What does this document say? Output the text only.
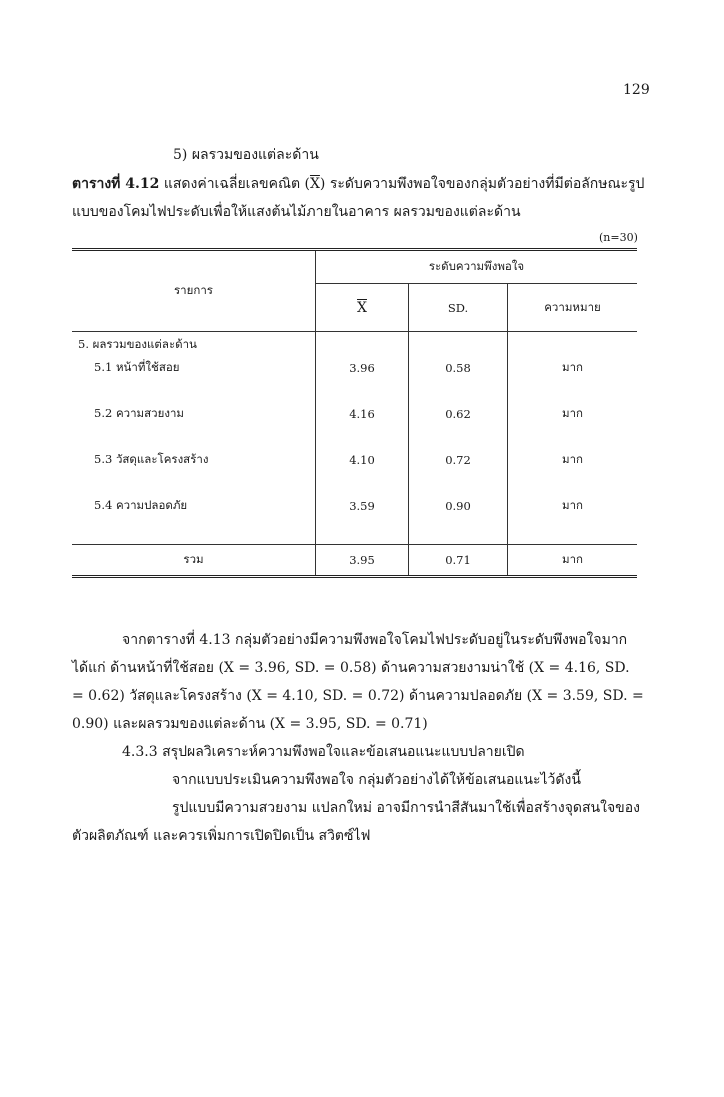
129
5) ผลรวมของแต่ละด้าน
ตารางที่ 4.12 แสดงค่าเฉลี่ยเลขคณิต $(\overline{X})$ ระดับความพึงพอใจของกลุ่มตัวอย่างที่มีต่อลักษณะรูปแบบของโคมไฟประดับเพื่อให้แสงต้นไม้ภายในอาคาร ผลรวมของแต่ละด้าน
(n=30)
รายการ	ระดับความพึงพอใจ		
	$\overline{X}$	SD.	ความหมาย
5. ผลรวมของแต่ละด้าน			
5.1 หน้าที่ใช้สอย	3.96	0.58	มาก

5.2 ความสวยงาม	4.16	0.62	มาก

5.3 วัสดุและโครงสร้าง	4.10	0.72	มาก

5.4 ความปลอดภัย	3.59	0.90	มาก

รวม	3.95	0.71	มาก
จากตารางที่ 4.13 กลุ่มตัวอย่างมีความพึงพอใจโคมไฟประดับอยู่ในระดับพึงพอใจมาก ได้แก่ ด้านหน้าที่ใช้สอย (X = 3.96, SD. = 0.58) ด้านความสวยงามน่าใช้ (X = 4.16, SD. = 0.62) วัสดุและโครงสร้าง (X = 4.10, SD. = 0.72) ด้านความปลอดภัย (X = 3.59, SD. = 0.90) และผลรวมของแต่ละด้าน (X = 3.95, SD. = 0.71)
4.3.3 สรุปผลวิเคราะห์ความพึงพอใจและข้อเสนอแนะแบบปลายเปิด
จากแบบประเมินความพึงพอใจ กลุ่มตัวอย่างได้ให้ข้อเสนอแนะไว้ดังนี้
รูปแบบมีความสวยงาม แปลกใหม่ อาจมีการนำสีสันมาใช้เพื่อสร้างจุดสนใจของตัวผลิตภัณฑ์ และควรเพิ่มการเปิดปิดเป็น สวิตซ์ไฟ
